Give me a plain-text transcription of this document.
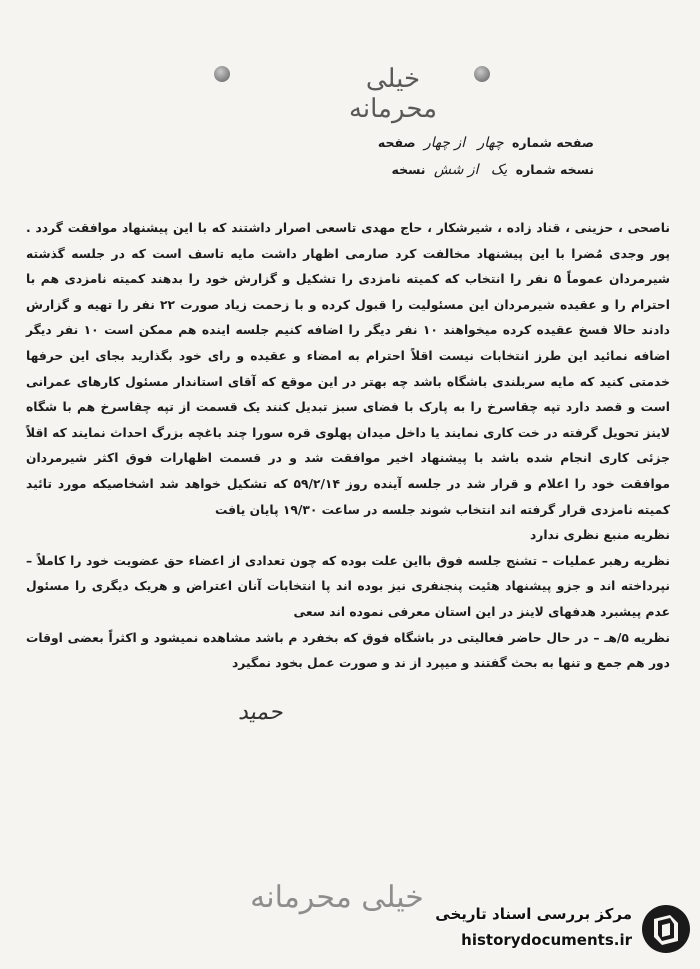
خیلی محرمانه
صفحه شماره چهار از چهار صفحه
نسخه شماره یک از شش نسخه

ناصحی ، حزینی ، قناد زاده ، شیرشکار ، حاج مهدی تاسعی اصرار داشتند که با این پیشنهاد موافقت گردد . پور وجدی مُضرا با این پیشنهاد مخالفت کرد صارمی اظهار داشت مایه تاسف است که در جلسه گذشته شیرمردان عموماً ۵ نفر را انتخاب که کمیته نامزدی را تشکیل و گزارش خود را بدهند کمیته نامزدی هم با احترام را و عقیده شیرمردان این مسئولیت را قبول کرده و با زحمت زیاد صورت ۲۲ نفر را تهیه و گزارش دادند حالا فسخ عقیده کرده میخواهند ۱۰ نفر دیگر را اضافه کنیم جلسه اینده هم ممکن است ۱۰ نفر دیگر اضافه نمائید این طرز انتخابات نیست اقلاً احترام به امضاء و عقیده و رای خود بگذارید بجای این حرفها خدمتی کنید که مایه سربلندی باشگاه باشد چه بهتر در این موقع که آقای استاندار مسئول کارهای عمرانی است و قصد دارد تپه چقاسرخ را به پارک با فضای سبز تبدیل کنند یک قسمت از تپه چقاسرخ هم با شگاه لاینز تحویل گرفته در خت کاری نمایند یا داخل میدان پهلوی قره سورا چند باغچه بزرگ احداث نمایند که اقلاً جزئی کاری انجام شده باشد با پیشنهاد اخیر موافقت شد و در قسمت اظهارات فوق اکثر شیرمردان موافقت خود را اعلام و قرار شد در جلسه آینده روز ۵۹/۲/۱۴ که تشکیل خواهد شد اشخاصیکه مورد تائید کمیته نامزدی قرار گرفته اند انتخاب شوند جلسه در ساعت ۱۹/۳۰ پایان یافت

نظریه منبع نظری ندارد

نظریه رهبر عملیات – تشنج جلسه فوق بااین علت بوده که چون تعدادی از اعضاء حق عضویت خود را کاملاً – نپرداخته اند و جزو پیشنهاد هئیت پنجنفری نیز بوده اند پا انتخابات آنان اعتراض و هریک دیگری را مسئول عدم پیشبرد هدفهای لاینز در این استان معرفی نموده اند سعی

نظریه ۵/هـ – در حال حاضر فعالیتی در باشگاه فوق که بخفرد م باشد مشاهده نمیشود و اکثراً بعضی اوقات دور هم جمع و تنها به بحث گفتند و میپرد از ند و صورت عمل بخود نمگیرد

حمید
خیلی محرمانه مرکز بررسی اسناد تاریخی
historydocuments.ir
